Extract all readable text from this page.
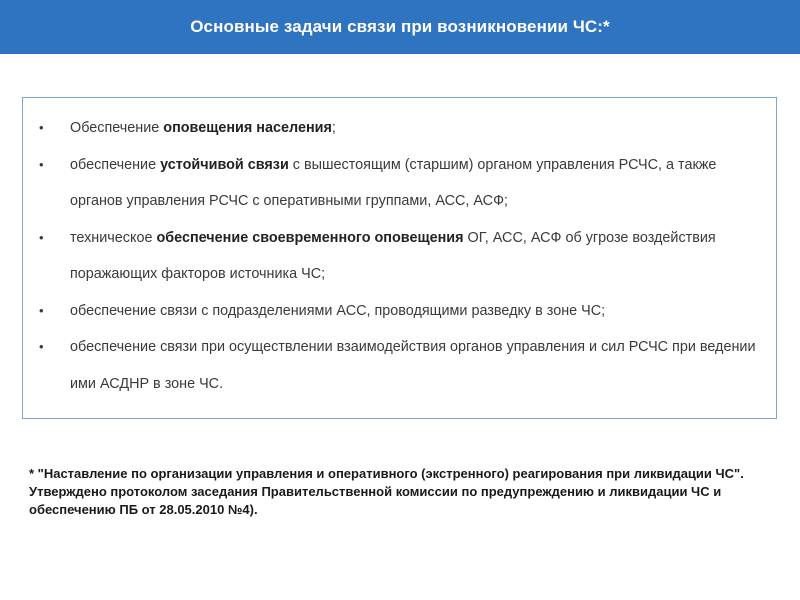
Основные задачи связи при возникновении ЧС:*
• Обеспечение оповещения населения;
• обеспечение устойчивой связи с вышестоящим (старшим) органом управления РСЧС, а также органов управления РСЧС с оперативными группами, АСС, АСФ;
• техническое обеспечение своевременного оповещения ОГ, АСС, АСФ об угрозе воздействия поражающих факторов источника ЧС;
• обеспечение связи с подразделениями АСС, проводящими разведку в зоне ЧС;
• обеспечение связи при осуществлении взаимодействия органов управления и сил РСЧС при ведении ими АСДНР в зоне ЧС.
* "Наставление по организации управления и оперативного (экстренного) реагирования при ликвидации ЧС". Утверждено протоколом заседания Правительственной комиссии по предупреждению и ликвидации ЧС и обеспечению ПБ от 28.05.2010 №4).
